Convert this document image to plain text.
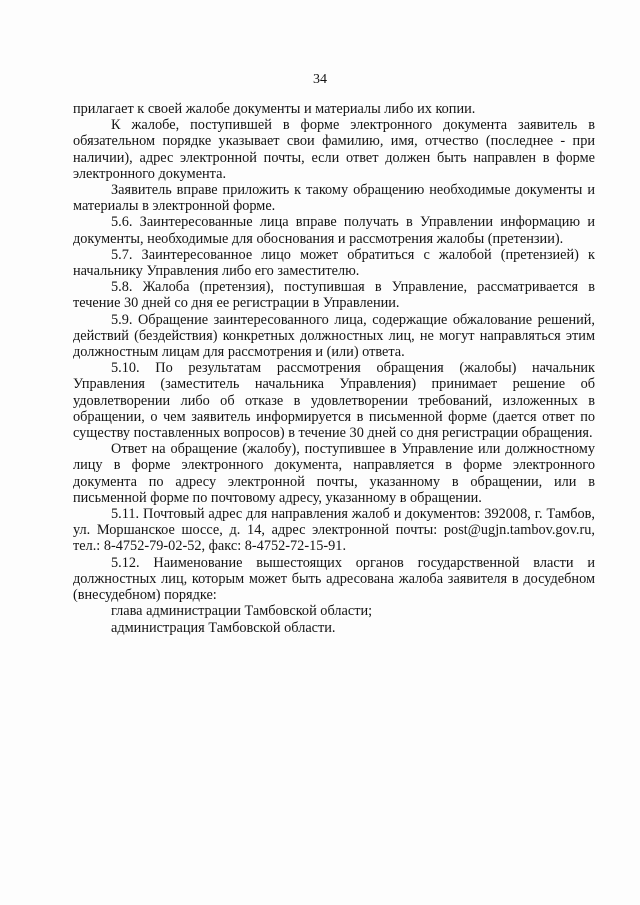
34

прилагает к своей жалобе документы и материалы либо их копии.

К жалобе, поступившей в форме электронного документа заявитель в обязательном порядке указывает свои фамилию, имя, отчество (последнее - при наличии), адрес электронной почты, если ответ должен быть направлен в форме электронного документа.

Заявитель вправе приложить к такому обращению необходимые документы и материалы в электронной форме.

5.6. Заинтересованные лица вправе получать в Управлении информацию и документы, необходимые для обоснования и рассмотрения жалобы (претензии).

5.7. Заинтересованное лицо может обратиться с жалобой (претензией) к начальнику Управления либо его заместителю.

5.8. Жалоба (претензия), поступившая в Управление, рассматривается в течение 30 дней со дня ее регистрации в Управлении.

5.9. Обращение заинтересованного лица, содержащие обжалование решений, действий (бездействия) конкретных должностных лиц, не могут направляться этим должностным лицам для рассмотрения и (или) ответа.

5.10. По результатам рассмотрения обращения (жалобы) начальник Управления (заместитель начальника Управления) принимает решение об удовлетворении либо об отказе в удовлетворении требований, изложенных в обращении, о чем заявитель информируется в письменной форме (дается ответ по существу поставленных вопросов) в течение 30 дней со дня регистрации обращения.

Ответ на обращение (жалобу), поступившее в Управление или должностному лицу в форме электронного документа, направляется в форме электронного документа по адресу электронной почты, указанному в обращении, или в письменной форме по почтовому адресу, указанному в обращении.

5.11. Почтовый адрес для направления жалоб и документов: 392008, г. Тамбов, ул. Моршанское шоссе, д. 14, адрес электронной почты: post@ugjn.tambov.gov.ru, тел.: 8-4752-79-02-52, факс: 8-4752-72-15-91.

5.12. Наименование вышестоящих органов государственной власти и должностных лиц, которым может быть адресована жалоба заявителя в досудебном (внесудебном) порядке:

глава администрации Тамбовской области;

администрация Тамбовской области.
